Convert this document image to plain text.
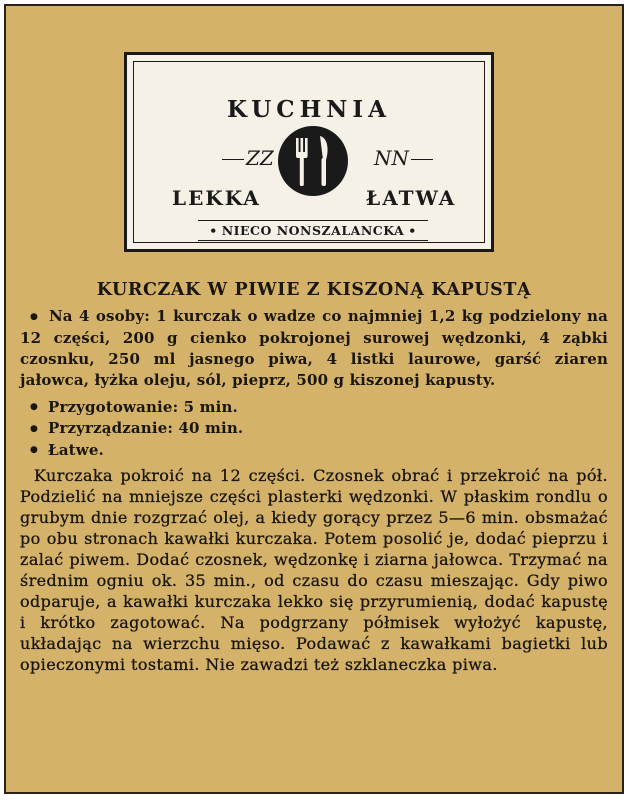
KUCHNIA
ZZ	NN
LEKKA	ŁATWA
• NIECO NONSZALANCKA •
KURCZAK W PIWIE Z KISZONĄ KAPUSTĄ

● Na 4 osoby: 1 kurczak o wadze co najmniej 1,2 kg podzielony na 12 części, 200 g cienko pokrojonej surowej wędzonki, 4 ząbki czosnku, 250 ml jasnego piwa, 4 listki laurowe, garść ziaren jałowca, łyżka oleju, sól, pieprz, 500 g kiszonej kapusty.

● Przygotowanie: 5 min.

● Przyrządzanie: 40 min.

● Łatwe.

Kurczaka pokroić na 12 części. Czosnek obrać i przekroić na pół. Podzielić na mniejsze części plasterki wędzonki. W płaskim rondlu o grubym dnie rozgrzać olej, a kiedy gorący przez 5—6 min. obsmażać po obu stronach kawałki kurczaka. Potem posolić je, dodać pieprzu i zalać piwem. Dodać czosnek, wędzonkę i ziarna jałowca. Trzymać na średnim ogniu ok. 35 min., od czasu do czasu mieszając. Gdy piwo odparuje, a kawałki kurczaka lekko się przyrumienią, dodać kapustę i krótko zagotować. Na podgrzany półmisek wyłożyć kapustę, układając na wierzchu mięso. Podawać z kawałkami bagietki lub opieczonymi tostami. Nie zawadzi też szklaneczka piwa.
